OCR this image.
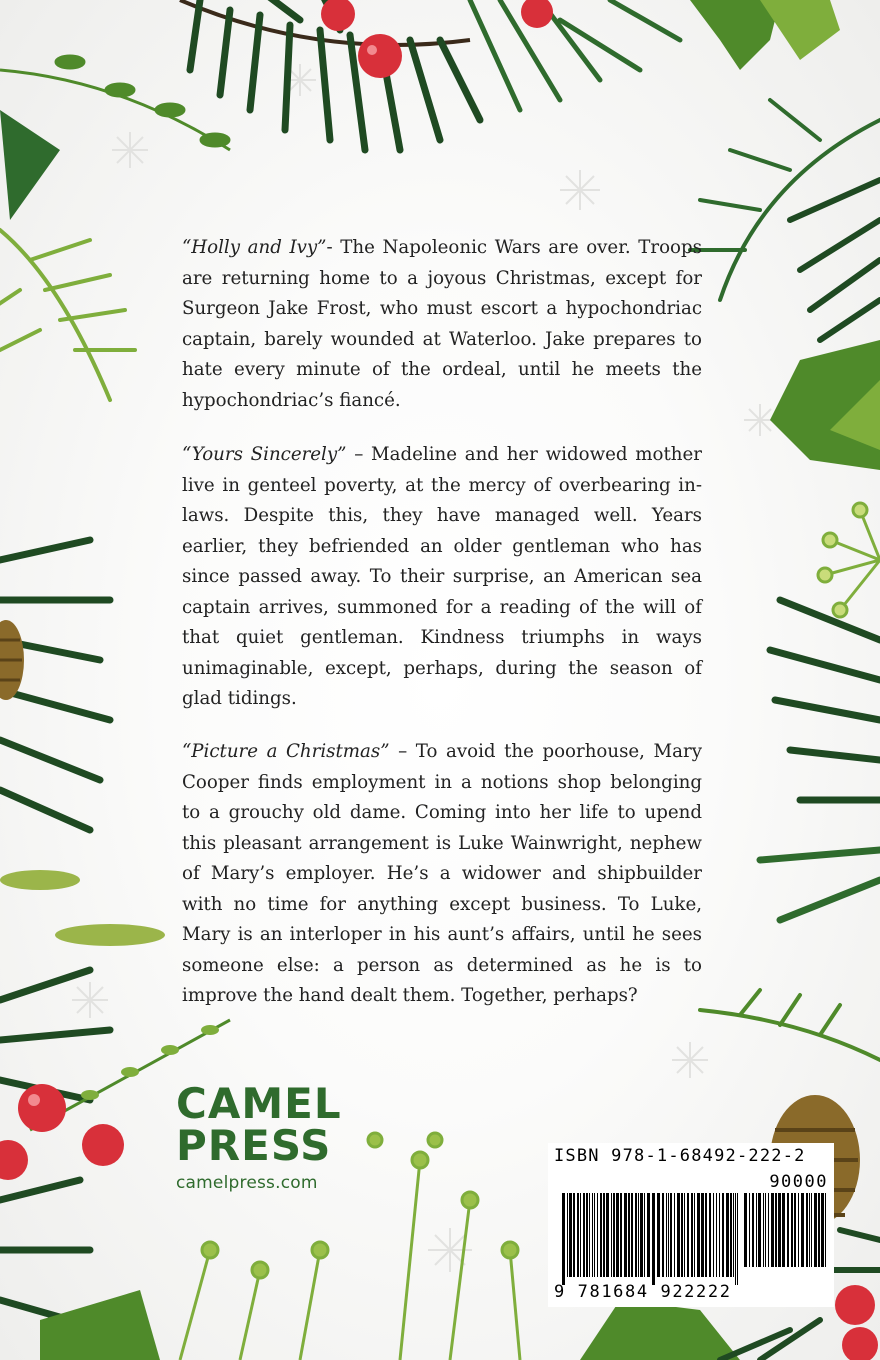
“Holly and Ivy”- The Napoleonic Wars are over. Troops are returning home to a joyous Christmas, except for Surgeon Jake Frost, who must escort a hypochondriac captain, barely wounded at Waterloo. Jake prepares to hate every minute of the ordeal, until he meets the hypochondriac’s fiancé.

“Yours Sincerely” – Madeline and her widowed mother live in genteel poverty, at the mercy of overbearing in-laws. Despite this, they have managed well. Years earlier, they befriended an older gentleman who has since passed away. To their surprise, an American sea captain arrives, summoned for a reading of the will of that quiet gentleman. Kindness triumphs in ways unimaginable, except, perhaps, during the season of glad tidings.

“Picture a Christmas” – To avoid the poorhouse, Mary Cooper finds employment in a notions shop belonging to a grouchy old dame. Coming into her life to upend this pleasant arrangement is Luke Wainwright, nephew of Mary’s employer. He’s a widower and shipbuilder with no time for anything except business. To Luke, Mary is an interloper in his aunt’s affairs, until he sees someone else: a person as determined as he is to improve the hand dealt them. Together, perhaps?

CAMEL
PRESS
camelpress.com
ISBN 978-1-68492-222-2
90000
9 781684 922222
